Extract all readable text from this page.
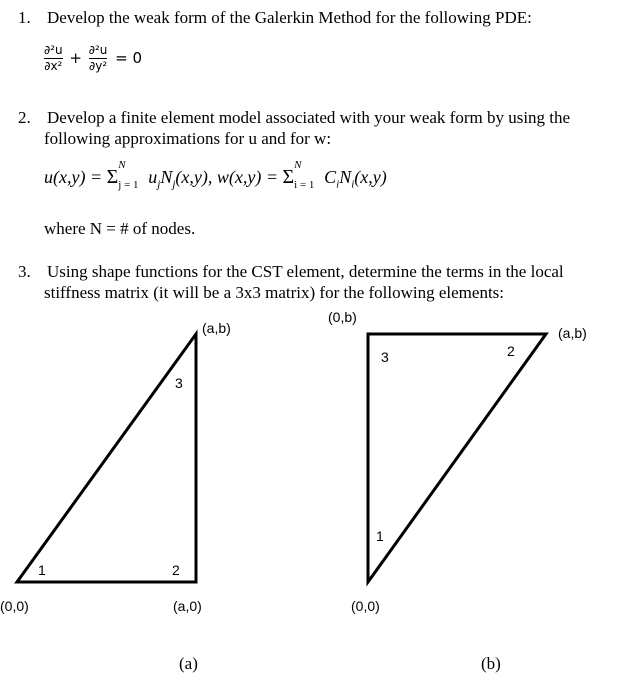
1. Develop the weak form of the Galerkin Method for the following PDE:
$\frac{\text{∂²u}}{\text{∂x²}} + \frac{\text{∂²u}}{\text{∂y²}} = 0$
2. Develop a finite element model associated with your weak form by using the
following approximations for u and for w:
u(x,y) = Σ
N
j = 1 $u_jN_j(x,y)$, w(x,y) = Σ
N
i = 1 $C_iN_i(x,y)$
where N = # of nodes.
3. Using shape functions for the CST element, determine the terms in the local
stiffness matrix (it will be a 3x3 matrix) for the following elements:
(a,b)
(0,0)	(a,0)
1	2
3
(a)
(0,b)
(a,b)
(0,0)
1
2
3
(b)
